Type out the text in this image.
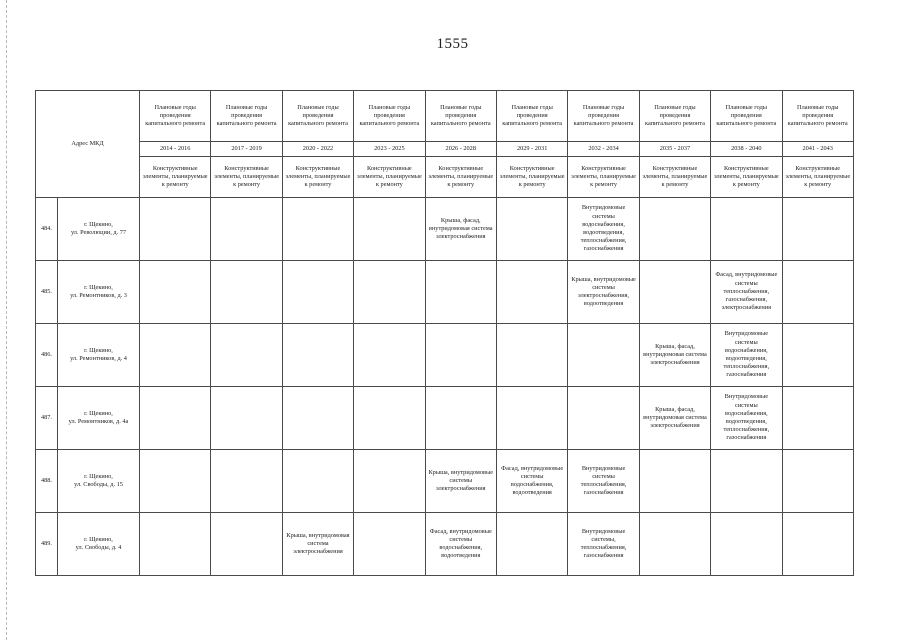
1555
Адрес МКД		Плановые годы проведения капитального ремонта	Плановые годы проведения капитального ремонта	Плановые годы проведения капитального ремонта	Плановые годы проведения капитального ремонта	Плановые годы проведения капитального ремонта	Плановые годы проведения капитального ремонта	Плановые годы проведения капитального ремонта	Плановые годы проведения капитального ремонта	Плановые годы проведения капитального ремонта	Плановые годы проведения капитального ремонта
		2014 - 2016	2017 - 2019	2020 - 2022	2023 - 2025	2026 - 2028	2029 - 2031	2032 - 2034	2035 - 2037	2038 - 2040	2041 - 2043
		Конструктивные элементы, планируемые к ремонту	Конструктивные элементы, планируемые к ремонту	Конструктивные элементы, планируемые к ремонту	Конструктивные элементы, планируемые к ремонту	Конструктивные элементы, планируемые к ремонту	Конструктивные элементы, планируемые к ремонту	Конструктивные элементы, планируемые к ремонту	Конструктивные элементы, планируемые к ремонту	Конструктивные элементы, планируемые к ремонту	Конструктивные элементы, планируемые к ремонту
484.	г. Щекино,
ул. Революции, д. 77					Крыша, фасад, внутридомовая система электроснабжения		Внутридомовые системы водоснабжения, водоотведения, теплоснабжения, газоснабжения			
485.	г. Щекино,
ул. Ремонтников, д. 3							Крыша, внутридомовые системы электроснабжения, водоотведения		Фасад, внутридомовые системы теплоснабжения, газоснабжения, электроснабжения	
486.	г. Щекино,
ул. Ремонтников, д. 4								Крыша, фасад, внутридомовая система электроснабжения	Внутридомовые системы водоснабжения, водоотведения, теплоснабжения, газоснабжения	
487.	г. Щекино,
ул. Ремонтников, д. 4а								Крыша, фасад, внутридомовая система электроснабжения	Внутридомовые системы водоснабжения, водоотведения, теплоснабжения, газоснабжения	
488.	г. Щекино,
ул. Свободы, д. 15					Крыша, внутридомовые системы электроснабжения	Фасад, внутридомовые системы водоснабжения, водоотведения	Внутридомовые системы теплоснабжения, газоснабжения			
489.	г. Щекино,
ул. Свободы, д. 4			Крыша, внутридомовая система электроснабжения		Фасад, внутридомовые системы водоснабжения, водоотведения		Внутридомовые системы, теплоснабжения, газоснабжения			
